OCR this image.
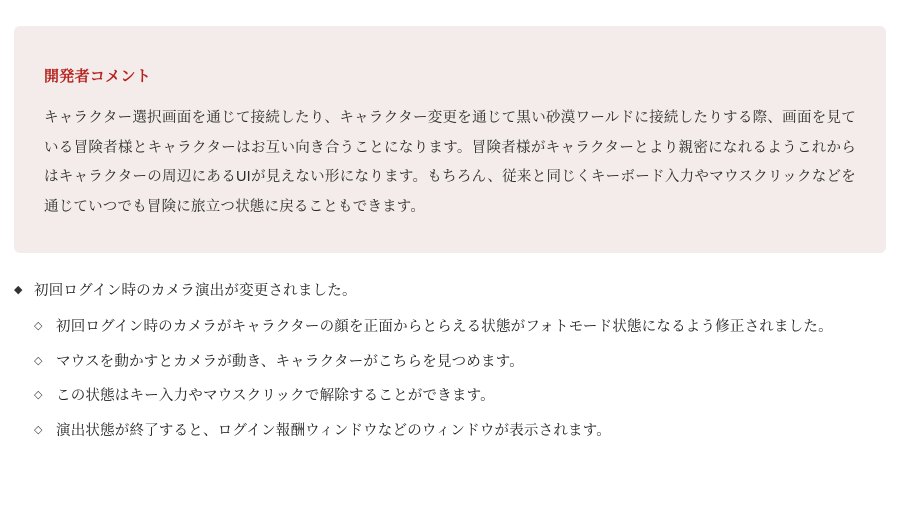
開発者コメント

キャラクター選択画面を通じて接続したり、キャラクター変更を通じて黒い砂漠ワールドに接続したりする際、画面を見ている冒険者様とキャラクターはお互い向き合うことになります。冒険者様がキャラクターとより親密になれるようこれからはキャラクターの周辺にあるUIが見えない形になります。もちろん、従来と同じくキーボード入力やマウスクリックなどを通じていつでも冒険に旅立つ状態に戻ることもできます。

◆ 初回ログイン時のカメラ演出が変更されました。
◇ 初回ログイン時のカメラがキャラクターの顔を正面からとらえる状態がフォトモード状態になるよう修正されました。
◇ マウスを動かすとカメラが動き、キャラクターがこちらを見つめます。
◇ この状態はキー入力やマウスクリックで解除することができます。
◇ 演出状態が終了すると、ログイン報酬ウィンドウなどのウィンドウが表示されます。
